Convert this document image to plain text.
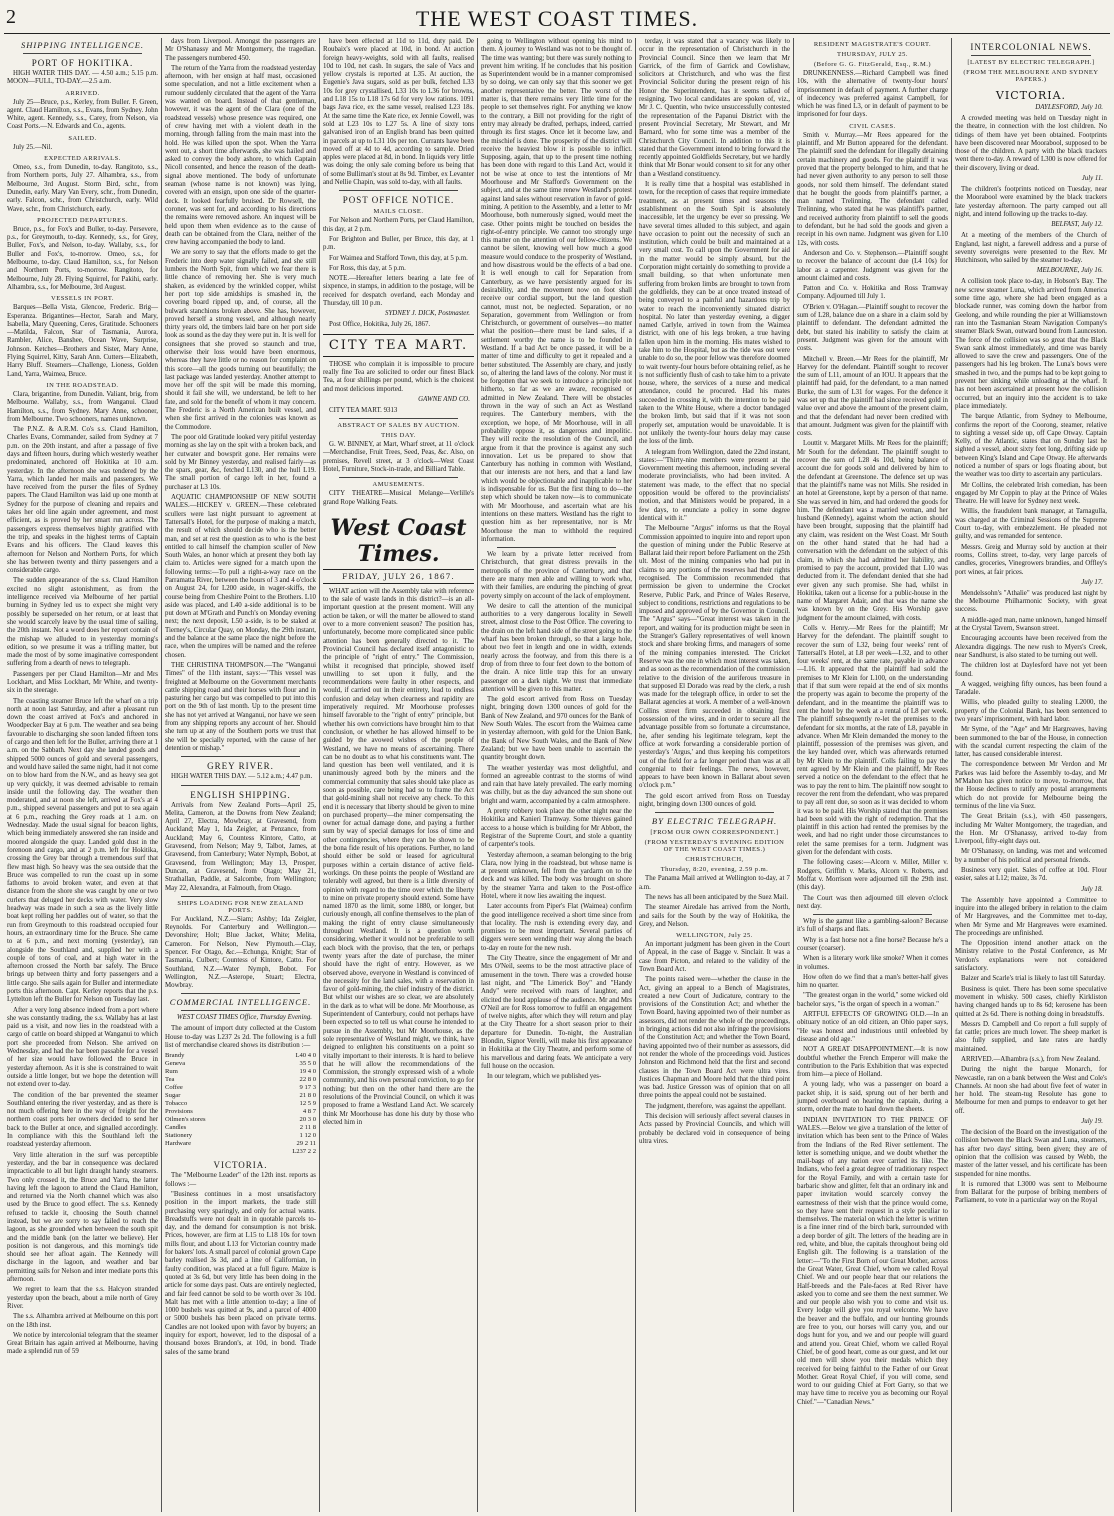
2	THE WEST COAST TIMES.
SHIPPING INTELLIGENCE.
PORT OF HOKITIKA.

HIGH WATER THIS DAY. — 4.50 a.m.; 5.15 p.m. MOON—FULL, TO-DAY.—2.5 a.m.

ARRIVED.

July 25—Bruce, p.s., Kerley, from Buller. F. Green, agent. Claud Hamilton, s.s., Evans, from Sydney. John White, agent. Kennedy, s.s., Carey, from Nelson, via Coast Ports.—N. Edwards and Co., agents.

SAILED.

July 25.—Nil.

EXPECTED ARRIVALS.

Omeo, s.s., from Dunedin, to-day. Rangitoto, s.s., from Northern ports, July 27. Alhambra, s.s., from Melbourne, 3rd August. Storm Bird, schr., from Dunedin, early. Mary Van Every, schr., from Dunedin, early. Falcon, schr., from Christchurch, early. Wild Wave, schr., from Christchurch, early.

PROJECTED DEPARTURES.

Bruce, p.s., for Fox's and Buller, to-day. Persevere, p.s., for Greymouth, to-day. Kennedy, s.s., for Grey, Buller, Fox's, and Nelson, to-day. Wallaby, s.s., for Buller and Fox's, to-morrow. Omeo, s.s., for Melbourne, to-day. Claud Hamilton, s.s., for Nelson and Northern Ports, to-morrow. Rangitoto, for Melbourne, July 28. Flying Squirrel, for Pakihi, early. Alhambra, s.s., for Melbourne, 3rd August.

VESSELS IN PORT.

Barques—Bella Vista, Glencoe, Frederic. Brig—Esperanza. Brigantines—Hector, Sarah and Mary, Isabella, Mary Queening, Ceres, Gratitude. Schooners—Matilda, Falcon, Star of Tasmania, Aurora, Rambler, Alice, Banshee, Ocean Wave, Surprise, Johnson. Ketches—Brothers and Sister, Mary Anne, Flying Squirrel, Kitty, Sarah Ann. Cutters—Elizabeth, Harry Bluff. Steamers—Challenge, Lioness, Golden Land, Yarra, Waimea, Bruce.

IN THE ROADSTEAD.

Clara, brigantine, from Dunedin. Valiant, brig, from Melbourne. Wallaby, s.s., from Wanganui. Claud Hamilton, s.s., from Sydney. Mary Anne, schooner, from Melbourne. Two schooners, names unknown.

The P.N.Z. & A.R.M. Co's s.s. Claud Hamilton, Charles Evans, Commander, sailed from Sydney at 7 p.m. on the 20th instant, and after a passage of five days and fifteen hours, during which westerly weather predominated, anchored off Hokitika at 10 a.m. yesterday. In the afternoon she was tendered by the Yarra, which landed her mails and passengers. We have received from the purser the files of Sydney papers. The Claud Hamilton was laid up one month at Sydney for the purpose of cleaning and repairs and takes her old line again under agreement, and most efficient, as is proved by her smart run across. The passengers express themselves highly gratified with the trip, and speaks in the highest terms of Captain Evans and his officers. The Claud leaves this afternoon for Nelson and Northern Ports, for which she has between twenty and thirty passengers and a considerable cargo.

The sudden appearance of the s.s. Claud Hamilton excited no slight astonishment, as from the intelligence received via Melbourne of her partial burning in Sydney led us to expect she might very possibly be superseded on her return, or at least that she would scarcely leave by the usual time of sailing, the 20th instant. Not a word does her report contain of the mishap we alluded to in yesterday morning's edition, so we presume it was a trifling matter, but made the most of by some imaginative correspondent suffering from a dearth of news to telegraph.

Passengers per per Claud Hamilton—Mr and Mrs Lockhart, and Miss Lockhart, Mr White, and twenty-six in the steerage.

The coasting steamer Bruce left the wharf on a trip north at noon last Saturday, and after a pleasant run down the coast arrived at Fox's and anchored in Woodpecker Bay at 6 p.m. The weather and sea being favourable to discharging she soon landed fifteen tons of cargo and then left for the Buller, arriving there at 1 a.m. on the Sabbath. Next day she landed goods and shipped 5000 ounces of gold and several passengers, and would have sailed the same night, had it not come on to blow hard from the N.W., and as heavy sea got up very quickly, it was deemed advisable to remain inside until the following day. The weather then moderated, and at noon she left, arrived at Fox's at 4 p.m., shipped several passengers and put to sea again at 6 p.m., reaching the Grey roads at 1 a.m. on Wednesday. Made the usual signal for beacon lights, which being immediately answered she ran inside and moored alongside the quay. Landed gold dust in the forenoon and cargo, and at 2 p.m. left for Hokitika, crossing the Grey bar through a tremendous surf that flew mast high. So heavy was the sea outside that the Bruce was compelled to run the coast up in some fathoms to avoid broken water, and even at that distance from the shore she was caught by one or two curlers that deluged her decks with water. Very slow headway was made in such a sea as the lively little boat kept rolling her paddles out of water, so that the run from Greymouth to this roadstead occupied four hours, an extraordinary time for the Bruce. She came to at 6 p.m., and next morning (yesterday), ran alongside the Southland and, supplied her with a couple of tons of coal, and at high water in the afternoon crossed the North bar safely. The Bruce brings up between thirty and forty passengers and a little cargo. She sails again for Buller and intermediate ports this afternoon. Capt. Kerley reports that the p.s. Lyttelton left the Buller for Nelson on Tuesday last.

After a very long absence indeed from a port where she was constantly trading, the s.s. Wallaby has at last paid us a visit, and now lies in the roadstead with a cargo of cattle on board shipped at Wanganui to which port she proceeded from Nelson. She arrived on Wednesday, and had the bar been passable for a vessel of her size would have followed the Bruce in yesterday afternoon. As it is she is constrained to wait outside a little longer, but we hope the detention will not extend over to-day.

The condition of the bar prevented the steamer Southland entering the river yesterday, and as there is not much offering here in the way of freight for the northern coast ports her owners decided to send her back to the Buller at once, and signalled accordingly. In compliance with this the Southland left the roadstead yesterday afternoon.

Very little alteration in the surf was perceptible yesterday, and the bar in consequence was declared impracticable to all but light draught handy steamers. Two only crossed it, the Bruce and Yarra, the latter having left the lagoon to attend the Claud Hamilton, and returned via the North channel which was also used by the Bruce to good effect. The s.s. Kennedy refused to tackle it, choosing the South channel instead, but we are sorry to say failed to reach the lagoon, as she grounded when between the south spit and the middle bank (on the latter we believe). Her position is not dangerous, and this morning's tide should see her afloat again. The Kennedy will discharge in the lagoon, and weather and bar permitting sails for Nelson and inter mediate ports this afternoon.

We regret to learn that the s.s. Halcyon stranded yesterday upon the beach, about a mile north of Grey River.

The s.s. Alhambra arrived at Melbourne on this port on the 18th inst.

We notice by intercolonial telegram that the steamer Great Britain has again arrived at Melbourne, having made a splendid run of 59

days from Liverpool. Amongst the passengers are Mr O'Shanassy and Mr Montgomery, the tragedian. The passengers numbered 450.

The return of the Yarra from the roadstead yesterday afternoon, with her ensign at half mast, occasioned some speculation, and not a little excitement when a rumour suddenly circulated that the agent of the Yarra was wanted on board. Instead of that gentleman, however, it was the agent of the Clara (one of the roadstead vessels) whose presence was required, one of crew having met with a violent death in the morning, through falling from the main mast into the hold. He was killed upon the spot. When the Yarra went out, a short time afterwards, she was hailed and asked to convey the body ashore, to which Captain Nicoll consented, and hence the reason of the death-signal above mentioned. The body of unfortunate seaman (whose name is not known) was lying, covered with an ensign, upon one side of the quarter-deck. It looked fearfully bruised. Dr Rowsell, the coroner, was sent for, and according to his directions the remains were removed ashore. An inquest will be held upon them when evidence as to the cause of death can be obtained from the Clara, neither of the crew having accompanied the body to land.

We are sorry to say that the efforts made to get the Frederic into deep water signally failed, and she still lumbers the North Spit, from which we fear there is little chance of removing her. She is very much shaken, as evidenced by the wrinkled copper, whilst her port top side amidships is smashed in, the covering board ripped up, and, of course, all the bulwark stanchions broken above. She has, however, proved herself a strong vessel, and although nearly thirty years old, the timbers laid bare on her port side look as sound as the day they were put in. It is well for consignees that she proved so staunch and true, otherwise their loss would have been enormous, whereas they have little or no reason for complaint on this score—all the goods turning out beautifully; the last package was landed yesterday. Another attempt to move her off the spit will be made this morning, should it fail she will, we understand, be left to her fate, and sold for the benefit of whom it may concern. The Frederic is a North American built vessel, and when she first arrived in the colonies was known as the Commodore.

The poor old Gratitude looked very pitiful yesterday morning as she lay on the spit with a broken back, and her cutwater and bowsprit gone. Her remains were sold by Mr Binney yesterday, and realised fairly—as the spars, gear, &c, fetched L130, and the hull L19. The small portion of cargo left in her, found a purchaser at L3 10s.

AQUATIC CHAMPIONSHIP OF NEW SOUTH WALES.—HICKEY v. GREEN.—These celebrated scullers were last night pursuant to agreement at Tattersall's Hotel, for the purpose of making a match, the result of which should decide who is the better man, and set at rest the question as to who is the best entitled to call himself the champion sculler of New South Wales, an honor which at present they both lay claim to. Articles were signed for a match upon the following terms:—To pull a right-a-way race on the Parramatta River, between the hours of 3 and 4 o'clock on August 24, for L200 aside, in wager-skiffs, the course being from Cheshire Point to the Brothers. L10 aside was placed, and L40 a-side additional is to be put down at M'Grath and Punch's on Monday evening next; the next deposit, L50 a-side, is to be staked at Tierney's, Circular Quay, on Monday, the 29th instant, and the balance at the same place the night before the race, when the umpires will be named and the referee chosen.

THE CHRISTINA THOMPSON.—The "Wanganui Times" of the 11th instant, says:—"This vessel was freighted at Melbourne on the Government merchants cattle shipping road and their horses with flour and in pasturing her cargo but was compelled to put into this port on the 9th of last month. Up to the present time she has not yet arrived at Wanganui, nor have we seen from any shipping reports any account of her. Should she turn up at any of the Southern ports we trust that she will be specially reported, with the cause of her detention or mishap."

GREY RIVER.

HIGH WATER THIS DAY. — 5.12 a.m.; 4.47 p.m.

ENGLISH SHIPPING.

Arrivals from New Zealand Ports—April 25, Melita, Cameron, at the Downs from New Zealand; April 27, Electra, Mowbray, at Gravesend, from Auckland; May 1, Ida Zeigler, at Penzance, from Auckland; May 6, Countess Kintore, Catto, at Gravesend, from Nelson; May 9, Talbot, James, at Gravesend, from Canterbury; Water Nymph, Bobot, at Gravesend, from Wellington; May 13, Prosper, Duncan, at Gravesend, from Otago; May 21, Strathallan, Paddle, at Salcombe, from Wellington; May 22, Alexandra, at Falmouth, from Otago.

SHIPS LOADING FOR NEW ZEALAND PORTS.

For Auckland, N.Z.—Siam; Ashby; Ida Zeigler, Reynolds. For Canterbury and Wellington.—Devonshire; Holt; Blue Jacket, White; Melita, Cameron. For Nelson, New Plymouth.—Clay, Spencer. For Otago, &c.—Echunga, Knight; Star of Tasmania, Culbert; Countess of Kintore, Catto. For Southland, N.Z.—Water Nymph, Bobot. For Wellington, N.Z.—Asterope, Stuart; Electra, Mowbray.

COMMERCIAL INTELLIGENCE.
WEST COAST TIMES Office, Thursday Evening.

The amount of import duty collected at the Custom House to-day was L237 2s 2d. The following is a full list of merchandise cleared shows its distribution :—

Brandy	L40 4 0
Geneva	35 5 0
Rum	19 4 0
Tea	22 8 0
Coffee	9 17 3
Sugar	21 8 0
Tobacco	12 5 9
Provisions	4 8 7
Oilmen's stores	20 3 0
Candles	2 11 8
Stationery	1 12 0
Hardware	29 2 11
	L237 2 2
VICTORIA.

The "Melbourne Leader" of the 12th inst. reports as follows :—

"Business continues in a most unsatisfactory position in the import markets, the trade still purchasing very sparingly, and only for actual wants. Breadstuffs were not dealt in in quotable parcels to-day, and the demand for consumption is not brisk. Prices, however, are firm at L15 to L18 10s for town mills flour, and about L13 for Victorian country made for bakers' lots. A small parcel of colonial grown Cape barley realised 3s 3d, and a line of Californian, in faulty condition, was placed at a full figure. Maize is quoted at 3s 6d, but very little has been doing in the article for some days past. Oats are entirely neglected, and fair feed cannot be sold to be worth over 3s 10d. Malt has met with a little attention to-day; a line of 1000 bushels was quitted at 9s, and a parcel of 4000 or 5000 bushels has been placed on private terms. Candles are not looked upon with favor by buyers; an inquiry for export, however, led to the disposal of a thousand boxes Brandon's, at 10d, in bond. Trade sales of the same brand

have been effected at 11d to 11d, duty paid. De Roubaix's were placed at 10d, in bond. At auction foreign heavy-weights, sold with all faults, realised 10d to 10d, net cash. In sugars, the sale of Vacs and yellow crystals is reported at L35. At auction, the Eugenie's Java sugars, sold as per bulk, fetched L33 10s for grey crystallised, L33 10s to L36 for browns, and L18 15s to L18 17s 6d for very low rations. 1091 bags Java rice, ex the same vessel, realised L23 18s. At the same time the Kate rice, ex Jennie Cowell, was sold at L23 10s to L27 5s. A line of sixty tons galvanised iron of an English brand has been quitted in parcels at up to L31 10s per ton. Currants have been moved off at 4d to 4d, according to sample. Dried apples were placed at 8d, in bond. In liquids very little was doing; the only sale coming before us being that of some Bulliman's stout at 8s 9d. Timber, ex Levanter and Nellie Chapin, was sold to-day, with all faults.

POST OFFICE NOTICE.
MAILS CLOSE.

For Nelson and Northern Ports, per Claud Hamilton, this day, at 2 p.m.

For Brighton and Buller, per Bruce, this day, at 1 p.m.

For Waimea and Stafford Town, this day, at 5 p.m.

For Ross, this day, at 5 p.m.

NOTE.—Hereafter letters bearing a late fee of sixpence, in stamps, in addition to the postage, will be received for despatch overland, each Monday and Thursday, till 10 p.m.

SYDNEY J. DICK, Postmaster.

Post Office, Hokitika, July 26, 1867.

CITY TEA MART.

THOSE who complain it is impossible to procure really fine Tea are solicited to order our finest Black Tea, at four shillings per pound, which is the choicest and most delicious imported.

GAWNE AND CO.

CITY TEA MART. 9313

ABSTRACT OF SALES BY AUCTION.
THIS DAY.

G. W. BINNEY, at Mart, Wharf street, at 11 o'clock—Merchandise, Fruit Trees, Seed, Peas, &c. Also, on premises, Revell street, at 3 o'clock—West Coast Hotel, Furniture, Stock-in-trade, and Billiard Table.

AMUSEMENTS.

CITY THEATRE—Musical Melange—Verlille's grand Rope Walking Feats.

West Coast Times.
FRIDAY, JULY 26, 1867.

WHAT action will the Assembly take with reference to the sale of waste lands in this district?—is an all-important question at the present moment. Will any action be taken, or will the matter be allowed to stand over to a more convenient season? The position has, unfortunately, become more complicated since public attention has been generally directed to it. The Provincial Council has declared itself antagonistic to the principle of "right of entry." The Commission, whilst it recognised that principle, showed itself unwilling to set upon it fully, and the recommendations were faulty in other respects, and would, if carried out in their entirety, lead to endless confusion and delay when clearness and rapidity are imperatively required. Mr Moorhouse professes himself favorable to the "right of entry" principle, but whether his own convictions have brought him to that conclusion, or whether he has allowed himself to be guided by the avowed wishes of the people of Westland, we have no means of ascertaining. There can be no doubt as to what his constituents want. The land question has been well ventilated, and it is unanimously agreed both by the miners and the commercial community that sales should take place as soon as possible, care being had so to frame the Act that gold-mining shall not receive any check. To this end it is necessary that liberty should be given to mine on purchased property—the miner compensating the owner for actual damage done, and paying a further sum by way of special damages for loss of time and other contingencies, where they can be shown to be the bona fide result of his operations. Further, no land should either be sold or leased for agricultural purposes within a certain distance of active field-workings. On these points the people of Westland are tolerably well agreed, but there is a little diversity of opinion with regard to the time over which the liberty to mine on private property should extend. Some have named 1870 as the limit, some 1880, or longer, but curiously enough, all confine themselves to the plan of making the right of entry clause simultaneously throughout Westland. It is a question worth considering, whether it would not be preferable to sell each block with the proviso, that the ten, or perhaps twenty years after the date of purchase, the miner should have the right of entry. However, as we observed above, everyone in Westland is convinced of the necessity for the land sales, with a reservation in favor of gold-mining, the chief industry of the district. But whilst our wishes are so clear, we are absolutely in the dark as to what will be done. Mr Moorhouse, as Superintendent of Canterbury, could not perhaps have been expected so to tell us what course he intended to pursue in the Assembly, but Mr Moorhouse, as the sole representative of Westland might, we think, have deigned to enlighten his constituents on a point so vitally important to their interests. It is hard to believe that he will allow the recommendations of the Commission, the strongly expressed wish of a whole community, and his own personal conviction, to go for nothing; but then on the other hand there are the resolutions of the Provincial Council, on which it was proposed to frame a Westland Land Act. We scarcely think Mr Moorhouse has done his duty by those who elected him in

going to Wellington without opening his mind to them. A journey to Westland was not to be thought of. The time was wanting; but there was surely nothing to prevent him writing. If he concludes that his position as Superintendent would be in a manner compromised by so doing, we can only say that this sooner we get another representative the better. The worst of the matter is, that there remains very little time for the people to set themselves right. For anything we know to the contrary, a Bill not providing for the right of entry may already be drafted, perhaps, indeed, carried through its first stages. Once let it become law, and the mischief is done. The prosperity of the district will receive the heaviest blow it is possible to inflict. Supposing, again, that up to the present time nothing has been done with regard to this Land Act, would it not be wise at once to test the intentions of Mr Moorhouse and Mr Stafford's Government on the subject, and at the same time renew Westland's protest against land sales without reservation in favor of gold-mining. A petition to the Assembly, and a letter to Mr Moorhouse, both numerously signed, would meet the case. Other points might be touched on besides the right-of-entry principle. We cannot too strongly urge this matter on the attention of our fellow-citizens. We cannot be silent, knowing well how much a good measure would conduce to the prosperity of Westland, and how disastrous would be the effects of a bad one. It is well enough to call for Separation from Canterbury, as we have persistently argued for its desirability, and the movement now on foot shall receive our cordial support, but the land question cannot, must not, be neglected. Separation, or no Separation, government from Wellington or from Christchurch, or government of ourselves—no matter what the position—there must be land sales, if a settlement worthy the name is to be founded in Westland. If a bad Act be once passed, it will be a matter of time and difficulty to get it repealed and a better substituted. The Assembly are chary, and justly so, of altering the land laws of the colony. Nor must it be forgotten that we seek to introduce a principle not hitherto, so far as we are aware, recognised or admitted in New Zealand. There will be obstacles thrown in the way of such an Act as Westland requires. The Canterbury members, with the exception, we hope, of Mr Moorhouse, will in all probability oppose it, as dangerous and impolitic. They will recite the resolution of the Council, and argue from it that the province is against any such innovation. Let us be prepared to show that Canterbury has nothing in common with Westland, that our interests are not hers, and that a land law which would be objectionable and inapplicable to her is indispensable for us. But the first thing to do—the step which should be taken now—is to communicate with Mr Moorhouse, and ascertain what are his intentions on these matters. Westland has the right to question him as her representative, nor is Mr Moorhouse the man to withhold the required information.

We learn by a private letter received from Christchurch, that great distress prevails in the metropolis of the province of Canterbury, and that there are many men able and willing to work who, with their families, are enduring the pinching of great poverty simply on account of the lack of employment.

We desire to call the attention of the municipal authorities to a very dangerous locality in Sewell street, almost close to the Post Office. The covering to the drain on the left hand side of the street going to the wharf has been broken through, so that a large hole, about two feet in length and one in width, extends nearly across the footway, and from this there is a drop of from three to four feet down to the bottom of the drain. A nice little trap this for an unwary passenger on a dark night. We trust that immediate attention will be given to this matter.

The gold escort arrived from Ross on Tuesday night, bringing down 1300 ounces of gold for the Bank of New Zealand, and 970 ounces for the Bank of New South Wales. The escort from the Waimea came in yesterday afternoon, with gold for the Union Bank, the Bank of New South Wales, and the Bank of New Zealand; but we have been unable to ascertain the quantity brought down.

The weather yesterday was most delightful, and formed an agreeable contrast to the storms of wind and rain that have lately prevailed. The early morning was chilly, but as the day advanced the sun shone out bright and warm, accompanied by a calm atmosphere.

A pretty robbery took place the other night near the Hokitika and Kanieri Tramway. Some thieves gained access to a house which is building for Mr Abbott, the Registrar of the Supreme Court, and stole a quantity of carpenter's tools.

Yesterday afternoon, a seaman belonging to the brig Clara, now lying in the roadstead, but whose name is at present unknown, fell from the yardarm on to the deck and was killed. The body was brought on shore by the steamer Yarra and taken to the Post-office Hotel, where it now lies awaiting the inquest.

Later accounts from Piper's Flat (Waimea) confirm the good intelligence received a short time since from that locality. The rush is extending every day, and promises to be most important. Several parties of diggers were seen wending their way along the beach to-day en route for the new rush.

The City Theatre, since the engagement of Mr and Mrs O'Neil, seems to be the most attractive place of amusement in the town. There was a crowded house last night, and "The Limerick Boy" and "Handy Andy" were received with roars of laughter, and elicited the loud applause of the audience. Mr and Mrs O'Neil are for Ross tomorrow to fulfil an engagement of twelve nights, after which they will return and play at the City Theatre for a short season prior to their departure for Dunedin. To-night, the Australian Blondin, Signor Verelli, will make his first appearance in Hokitika at the City Theatre, and perform some of his marvellous and daring feats. We anticipate a very full house on the occasion.

In our telegram, which we published yes-

terday, it was stated that a vacancy was likely to occur in the representation of Christchurch in the Provincial Council. Since then we learn that Mr Garrick, of the firm of Garrick and Cowlishaw, solicitors at Christchurch, and who was the first Provincial Solicitor during the present reign of his Honor the Superintendent, has it seems talked of resigning. Two local candidates are spoken of, viz., Mr J. C. Quentin, who twice unsuccessfully contested the representation of the Papanui District with the present Provincial Secretary, Mr Stewart, and Mr Barnard, who for some time was a member of the Christchurch City Council. In addition to this it is stated that the Government intend to bring forward the recently appointed Goldfields Secretary, but we hardly think that Mr Bonar would consent to sit for any other than a Westland constituency.

It is really time that a hospital was established in town, for the reception of cases that require immediate treatment, as at present times and seasons the establishment on the South Spit is absolutely inaccessible, let the urgency be ever so pressing. We have several times alluded to this subject, and again have occasion to point out the necessity of such an institution, which could be built and maintained at a very small cost. To call upon the Government for aid in the matter would be simply absurd, but the Corporation might certainly do something to provide a small building, so that when unfortunate men suffering from broken limbs are brought to town from the goldfields, they can be at once treated instead of being conveyed to a painful and hazardous trip by water to reach the inconveniently situated district hospital. No later than yesterday evening, a digger named Carlyle, arrived in town from the Waimea district, with one of his legs broken, a true having fallen upon him in the morning. His mates wished to take him to the Hospital, but as the tide was out were unable to do so, the poor fellow was therefore doomed to wait twenty-four hours before obtaining relief, as he is not sufficiently flush of cash to take him to a private house, where, the services of a nurse and medical attendance, could he procured. Had his mates succeeded in crossing it, with the intention to be paid taken to the White House, where a doctor bandaged the broken limb, but said that if it was not soon properly set, amputation would be unavoidable. It is not unlikely the twenty-four hours delay may cause the loss of the limb.

A telegram from Wellington, dated the 22nd instant, states:—"Thirty-nine members were present at the Government meeting this afternoon, including several moderate provincialists, who had been invited. A statement was made, to the effect that no special opposition would be offered to the provincialists' motion, and that Ministers would be prepared, in a few days, to enunciate a policy in some degree identical with it."

The Melbourne "Argus" informs us that the Royal Commission appointed to inquire into and report upon the question of mining under the Public Reserve at Ballarat laid their report before Parliament on the 25th ult. Most of the mining companies who had put in claims to any portions of the reserves had their rights recognised. The Commission recommended that permission be given to undermine the Crocket Reserve, Public Park, and Prince of Wales Reserve, subject to conditions, restrictions and regulations to be imposed and approved of by the Governor in Council. The "Argus" says—"Great interest was taken in the report, and waiting for its production might be seen in the Stranger's Gallery representatives of well known stock and share broking firms, and managers of some of the mining companies interested. The Cricket Reserve was the one in which most interest was taken, and as soon as the recommendation of the commission relative to the division of the auriferous treasure in that supposed El Dorado was read by the clerk, a rush was made for the telegraph office, in order to set the Ballarat agencies at work. A member of a well-known Collins street firm succeeded in obtaining first possession of the wires, and in order to secure all the advantage possible from so fortunate a circumstance, he, after sending his legitimate telegram, kept the office at work forwarding a considerable portion of yesterday's 'Argus,' and thus keeping his competitors out of the field for a far longer period than was at all congenial to their feelings. The news, however, appears to have been known in Ballarat about seven o'clock p.m."

The gold escort arrived from Ross on Tuesday night, bringing down 1300 ounces of gold.

BY ELECTRIC TELEGRAPH.
[FROM OUR OWN CORRESPONDENT.]
(FROM YESTERDAY'S EVENING EDITION OF THE WEST COAST TIMES.)
CHRISTCHURCH,
Thursday, 8:20, evening, 2.59 p.m.

The Panama Mail arrived at Wellington to-day, at 7 a.m.

The news has all been anticipated by the Suez Mail.

The steamer Airedale has arrived from the North, and sails for the South by the way of Hokitika, the Grey, and Nelson.

WELLINGTON, July 25.

An important judgment has been given in the Court of Appeal, in the case of Bagge v. Sinclair. It was a case from Picton, and related to the validity of the Town Board Act.

The points raised were—whether the clause in the Act, giving an appeal to a Bench of Magistrates, created a new Court of Judicature, contrary to the provisions of the Constitution Act; and whether the Town Board, having appointed two of their number as assessors, did not render the whole of the proceedings, in bringing actions did not also infringe the provisions of the Constitution Act; and whether the Town Board, having appointed two of their number as assessors, did not render the whole of the proceedings void. Justices Johnston and Richmond held that the first and second clauses in the Town Board Act were ultra vires. Justices Chapman and Moore held that the third point was bad. Justice Gresson was of opinion that on all three points the appeal could not be sustained.

The judgment, therefore, was against the appellant.

This decision will seriously affect several clauses in Acts passed by Provincial Councils, and which will probably be declared void in consequence of being ultra vires.

RESIDENT MAGISTRATE'S COURT.
THURSDAY, JULY 25.
(Before G. G. FitzGerald, Esq., R.M.)

DRUNKENNESS.—Richard Campbell was fined 10s, with the alternative of twenty-four hours' imprisonment in default of payment. A further charge of indecency was preferred against Campbell, for which he was fined L3, or in default of payment to be imprisoned for four days.

CIVIL CASES.

Smith v. Murray.—Mr Rees appeared for the plaintiff, and Mr Button appeared for the defendant. The plaintiff sued the defendant for illegally detaining certain machinery and goods. For the plaintiff it was proved that the property belonged to him, and that he had never given authority to any person to sell those goods, nor sold them himself. The defendant stated that he bought the goods from plaintiff's partner, a man named Trelinning. The defendant called Trelinning, who stated that he was plaintiff's partner, and received authority from plaintiff to sell the goods to defendant, but he had sold the goods and given a receipt in his own name. Judgment was given for L10 12s, with costs.

Anderson and Co. v. Stephenson.—Plaintiff sought to recover the balance of account due (L4 10s) for labor as a carpenter. Judgment was given for the amount claimed and costs.

Patton and Co. v. Hokitika and Ross Tramway Company. Adjourned till July 1.

O'Brien v. O'Hagan.—Plaintiff sought to recover the sum of L28, balance due on a share in a claim sold by plaintiff to defendant. The defendant admitted the debt, but stated his inability to satisfy the claim at present. Judgment was given for the amount with costs.

Mitchell v. Breen.—Mr Rees for the plaintiff, Mr Harvey for the defendant. Plaintiff sought to recover the sum of L11, amount of an IOU. It appears that the plaintiff had paid, for the defendant, to a man named Burke, the sum of L31 for wages. For the defence it was set up that the plaintiff had since received gold in value over and above the amount of the present claim, and that the defendant had never been credited with that amount. Judgment was given for the plaintiff with costs.

Louttit v. Margaret Mills. Mr Rees for the plaintiff; Mr South for the defendant. The plaintiff sought to recover the sum of L28 4s 10d, being balance of account due for goods sold and delivered by him to the defendant at Greenstone. The defence set up was that the plaintiff's name was not Mills. She resided in an hotel at Greenstone, kept by a person of that name. She was served in him, and had ordered the goods for him. The defendant was a married woman, and her husband (Kennedy), against whom the action should have been brought, supposing that the plaintiff had any claim, was resident on the West Coast. Mr South on the other hand stated that he had had a conversation with the defendant on the subject of this claim, in which she had admitted her liability, and promised to pay the account, provided that L10 was deducted from it. The defendant denied that she had ever given any such promise. She had, whilst in Hokitika, taken out a license for a public-house in the name of Margaret Adair, and that was the name she was known by on the Grey. His Worship gave judgment for the amount claimed, with costs.

Colls v. Henry.—Mr Rees for the plaintiff; Mr Harvey for the defendant. The plaintiff sought to recover the sum of L32, being four weeks' rent of Tattersall's Hotel, at L8 per week—L32, and to other four weeks' rent, at the same rate, payable in advance—L16. It appeared that the plaintiff had sold the premises to Mr Klein for L100, on the understanding that if that sum were repaid at the end of six months the property was again to become the property of the defendant, and in the meantime the plaintiff was to rent the hotel by the week at a rental of L8 per week. The plaintiff subsequently re-let the premises to the defendant for six months, at the rate of L8, payable in advance. When Mr Klein demanded the money to the plaintiff, possession of the premises was given, and the key handed over, which was afterwards returned by Mr Klein to the plaintiff. Colls failing to pay the rent agreed by Mr Klein and the plaintiff, Mr Rees served a notice on the defendant to the effect that he was to pay the rent to him. The plaintiff now sought to recover the rent from the defendant, who was prepared to pay all rent due, so soon as it was decided to whom it was to be paid. His Worship stated that the premises had been sold with the right of redemption. That the plaintiff in this action had rented the premises by the week, and had no right under those circumstances to relet the same premises for a term. Judgment was given for the defendant with costs.

The following cases:—Alcorn v. Miller, Miller v. Rodgers, Griffith v. Marks, Alcorn v. Roberts, and Moffat v. Morrison were adjourned till the 29th inst. (this day).

The Court was then adjourned till eleven o'clock next day.

Why is the gamut like a gambling-saloon? Because it's full of sharps and flats.

Why is a fast horse not a fine horse? Because he's a courser (coarser).

When is a literary work like smoke? When it comes in volumes.

How often do we find that a man's better-half gives him no quarter.

"The greatest organ in the world," some wicked old bachelor says, "is the organ of speech in a woman."

ARTFUL EFFECTS OF GROWING OLD.—In an obituary notice of an old citizen, an Ohio paper says, "He was honest and industrious until enfeebled by disease and old age."

NOT A GREAT DISAPPOINTMENT.—It is now doubtful whether the French Emperor will make the contribution to the Paris Exhibition that was expected from him—a piece of Holland.

A young lady, who was a passenger on board a packet ship, it is said, sprung out of her berth and jumped overboard on hearing the captain, during a storm, order the mate to haul down the sheets.

INDIAN INVITATION TO THE PRINCE OF WALES.—Below we give a translation of the letter of invitation which has been sent to the Prince of Wales from the Indians of the Red River settlement. The letter is something unique, and we doubt whether the mail-bags of any nation ever carried its like. The Indians, who feel a great degree of traditionary respect for the Royal Family, and with a certain taste for barbaric show and glitter, felt that an ordinary ink and paper invitation would scarcely convey the earnestness of their wish that the prince would come, so they have sent their request in a style peculiar to themselves. The material on which the letter is written is a fine inner rind of the birch bark, surrounded with a deep border of gilt. The letters of the heading are in red, white, and blue, the capitals throughout being old English gilt. The following is a translation of the letter:—"To the First Born of our Great Mother, across the Great Water, Great Chief, whom we called Royal Chief. We and our people hear that our relations the Half-breeds and the Pale-faces at Red River have asked you to come and see them the next summer. We and our people also wish you to come and visit us. Every lodge will give you royal welcome. We have the beaver and the buffalo, and our hunting grounds are free to you, our horses will carry you, and our dogs hunt for you, and we and our people will guard and attend you. Great Chief, whom we called Royal Chief, be of good heart, come as our guest, and let our old men will show you their medals which they received for being faithful to the Father of our Great Mother. Great Royal Chief, if you will come, send word to our guiding Chief at Fort Garry, so that we may have time to receive you as becoming our Royal Chief."—"Canadian News."

INTERCOLONIAL NEWS.
[LATEST BY ELECTRIC TELEGRAPH.]
(FROM THE MELBOURNE AND SYDNEY PAPERS.)
VICTORIA.
DAYLESFORD, July 10.

A crowded meeting was held on Tuesday night in the theatre, in connection with the lost children. No tidings of them have yet been obtained. Footprints have been discovered near Moorabool, supposed to be those of the children. A party with the black trackers went there to-day. A reward of L300 is now offered for their discovery, living or dead.

July 11.

The children's footprints noticed on Tuesday, near the Moorabool were examined by the black trackers late yesterday afternoon. The party camped out all night, and intend following up the tracks to-day.

BELFAST, July 12.

At a meeting of the members of the Church of England, last night, a farewell address and a purse of seventy sovereigns were presented to the Rev. Mr Hutchinson, who sailed by the steamer to-day.

MELBOURNE, July 16.

A collision took place to-day, in Hobson's Bay. The new screw steamer Luna, which arrived from America some time ago, where she had been engaged as a blockade runner, was coming down the harbor from Geelong, and while rounding the pier at Williamstown ran into the Tasmanian Steam Navigation Company's steamer Black Swan, outward bound from Launceston. The force of the collision was so great that the Black Swan sank almost immediately, and time was barely allowed to save the crew and passengers. One of the passengers had his leg broken. The Luna's bows were smashed in two, and the pumps had to be kept going to prevent her sinking while unloading at the wharf. It has not been ascertained at present how the collision occurred, but an inquiry into the accident is to take place immediately.

The barque Atlantic, from Sydney to Melbourne, confirms the report of the Coorong, steamer, relative to sighting a vessel side up, off Cape Otway. Captain Kelly, of the Atlantic, states that on Sunday last he sighted a vessel, about sixty feet long, drifting side up between King's Island and Cape Otway. He afterwards noticed a number of spars or logs floating about, but the weather was too dirty to ascertain any particulars.

Mr Collins, the celebrated Irish comedian, has been engaged by Mr Coppin to play at the Prince of Wales Theatre. He will leave for Sydney next week.

Willis, the fraudulent bank manager, at Tarnagulla, was charged at the Criminal Sessions of the Supreme Court to-day, with embezzlement. He pleaded not guilty, and was remanded for sentence.

Messrs. Greig and Murray sold by auction at their rooms, Collins street, to-day, very large parcels of candles, groceries, Vinegrowers brandies, and Offley's port wines, at fair prices.

July 17.

Mendelssohn's "Athalie" was produced last night by the Melbourne Philharmonic Society, with great success.

A middle-aged man, name unknown, hanged himself at the Crystal Tavern, Swanson street.

Encouraging accounts have been received from the Alexandra diggings. The new rush to Myers's Creek, near Sandhurst, is also stated to be turning out well.

The children lost at Daylesford have not yet been found.

A wagged, weighing fifty ounces, has been found a Taradale.

Willis, who pleaded guilty to stealing L2000, the property of the Colonial Bank, has been sentenced to two years' imprisonment, with hard labor.

Mr Syme, of the "Age" and Mr Hargreaves, having been summoned to the bar of the House, in connection with the scandal current respecting the claim of the latter, has caused considerable interest.

The correspondence between Mr Verdon and Mr Parkes was laid before the Assembly to-day, and Mr M'Mahon has given notice to move, to-morrow, that the House declines to ratify any postal arrangements which do not provide for Melbourne being the terminus of the line via Suez.

The Great Britain (s.s.), with 450 passengers, including Mr Walter Montgomery, the tragedian, and the Hon. Mr O'Shanassy, arrived to-day from Liverpool, fifty-eight days out.

Mr O'Shanassy, on landing, was met and welcomed by a number of his political and personal friends.

Business very quiet. Sales of coffee at 10d. Flour easier, sales at L12; maize, 3s 7d.

July 18.

The Assembly have appointed a Committee to inquire into the alleged bribery in relation to the claim of Mr Hargreaves, and the Committee met to-day, when Mr Syme and Mr Hargreaves were examined. The proceedings are unfinished.

The Opposition intend another attack on the Ministry relative to the Postal Conference, as Mr Verdon's explanations were not considered satisfactory.

Balzer and Scarle's trial is likely to last till Saturday.

Business is quiet. There has been some speculative movement in whisky. 500 cases, chiefly Kirkliston having changed hands up to 8s 6d; kerosene has been quitted at 2s 6d. There is nothing doing in breadstuffs.

Messrs D. Campbell and Co report a full supply of fat cattle; prices are much lower. The sheep market is also fully supplied, and late rates are hardly maintained.

ARRIVED.—Alhambra (s.s.), from New Zealand.

During the night the barque Monarch, for Newcastle, ran on a bank between the West and Cole's Channels. At noon she had about five feet of water in her hold. The steam-tug Resolute has gone to Melbourne for men and pumps to endeavor to get her off.

July 19.

The decision of the Board on the investigation of the collision between the Black Swan and Luna, steamers, has after two days' sitting, been given; they are of opinion that the collision was caused by Webb, the master of the latter vessel, and his certificate has been suspended for nine months.

It is rumored that L3000 was sent to Melbourne from Ballarat for the purpose of bribing members of Parliament, to vote in a particular way on the Royal
